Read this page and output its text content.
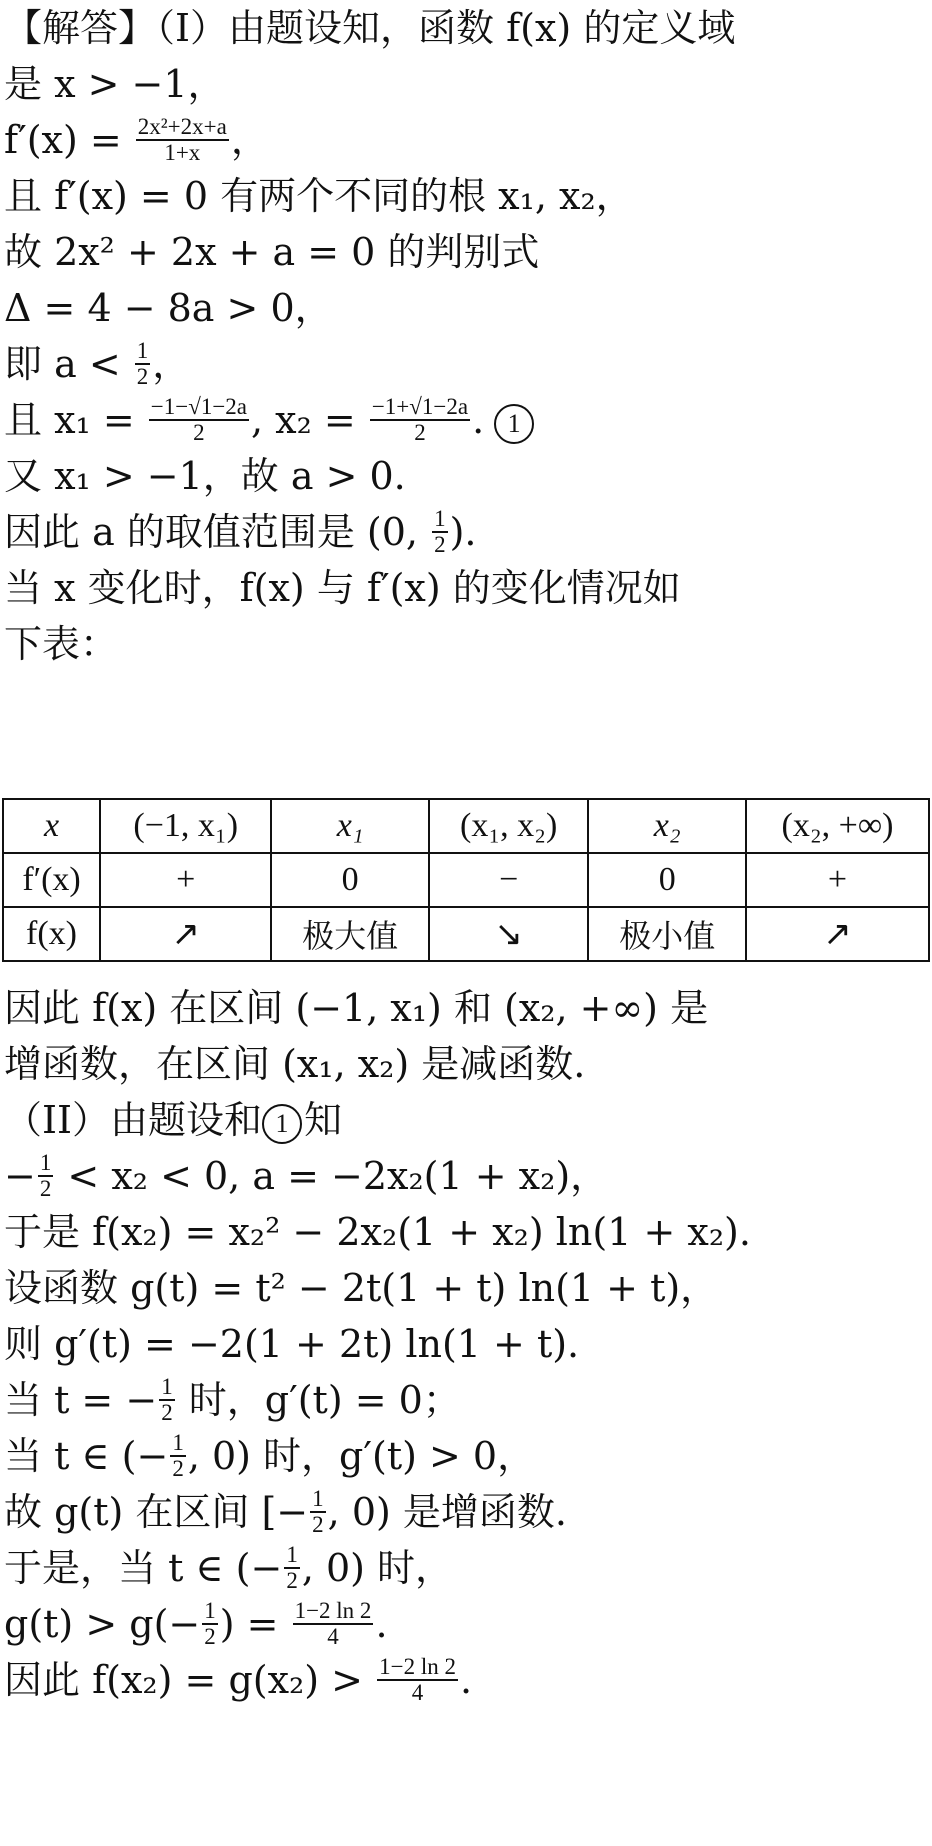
【解答】（I）由题设知，函数 f(x) 的定义域
是 x > −1，
$f'(x) = \frac{\text{2x²+2x+a}}{1+x}$ ，
且 f′(x) = 0 有两个不同的根 x₁, x₂，
故 2x² + 2x + a = 0 的判别式
Δ = 4 − 8a > 0，
即 $a < \frac{1}{2}$ ，
且 $x_1 = \frac{-1-√1-2a}{2}$ , $x_2 = \frac{-1+√1-2a}{2}$ . 1
又 x₁ > −1，故 a > 0.
因此 a 的取值范围是 (0, $\frac{1}{2}$ ).
当 x 变化时，f(x) 与 f′(x) 的变化情况如
下表：
x	(−1, x₁)	x₁	(x₁, x₂)	x₂	(x₂, +∞)
f′(x)	+	0	−	0	+
f(x)	↗	极大值	↘	极小值	↗
因此 f(x) 在区间 (−1, x₁) 和 (x₂, +∞) 是
增函数，在区间 (x₁, x₂) 是减函数.
（II）由题设和 1 知
− $\frac{1}{2} < x_2 < 0$, a = −2x₂(1 + x₂)，
于是 f(x₂) = x₂² − 2x₂(1 + x₂) ln(1 + x₂).
设函数 g(t) = t² − 2t(1 + t) ln(1 + t)，
则 g′(t) = −2(1 + 2t) ln(1 + t).
当 t = − $\frac{1}{2}$ 时，g′(t) = 0；
当 t ∈ (− $\frac{1}{2}$ , 0) 时，g′(t) > 0，
故 g(t) 在区间 [− $\frac{1}{2}$ , 0) 是增函数.
于是，当 t ∈ (− $\frac{1}{2}$ , 0) 时，
$g(t) > g(- \frac{1}{2}$ ) = $\frac{1-2 \ln 2}{4}$ .
因此 $f(x_2) = g(x_2) > \frac{1-2 \ln 2}{4}$ .
